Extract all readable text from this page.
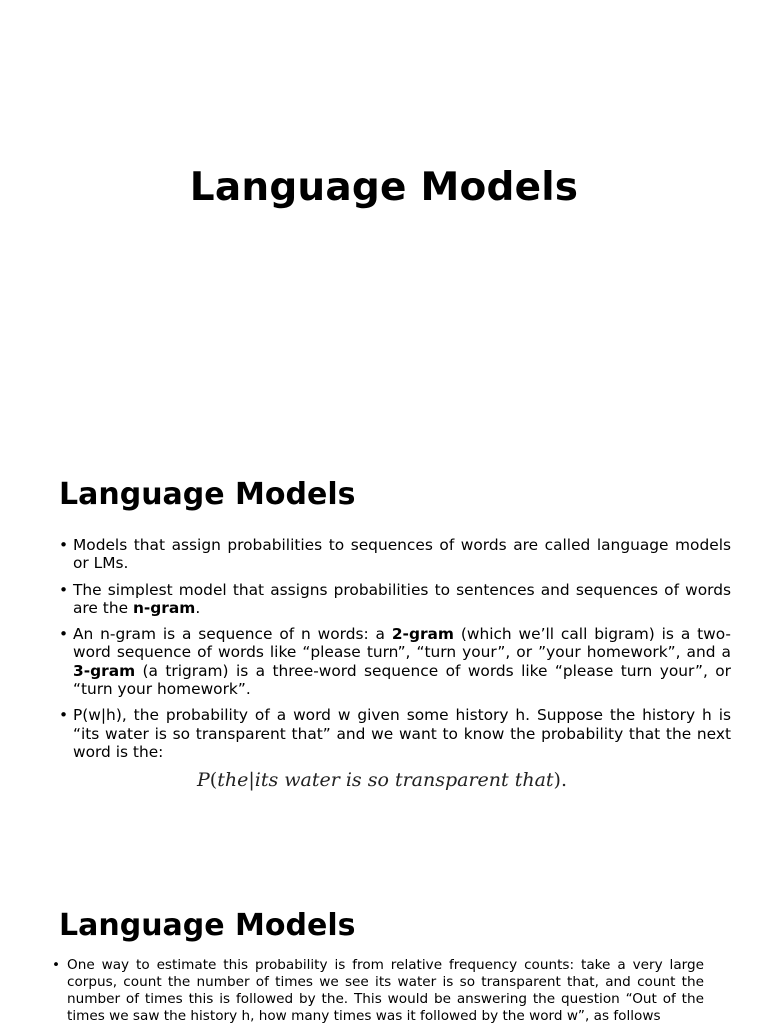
Language Models
Language Models
• Models that assign probabilities to sequences of words are called language models or LMs.
• The simplest model that assigns probabilities to sentences and sequences of words are the n-gram.
• An n-gram is a sequence of n words: a 2-gram (which we’ll call bigram) is a two-word sequence of words like “please turn”, “turn your”, or ”your homework”, and a 3-gram (a trigram) is a three-word sequence of words like “please turn your”, or “turn your homework”.
• P(w|h), the probability of a word w given some history h. Suppose the history h is “its water is so transparent that” and we want to know the probability that the next word is the:
P(the|its water is so transparent that).
Language Models
• One way to estimate this probability is from relative frequency counts: take a very large corpus, count the number of times we see its water is so transparent that, and count the number of times this is followed by the. This would be answering the question “Out of the times we saw the history h, how many times was it followed by the word w”, as follows
